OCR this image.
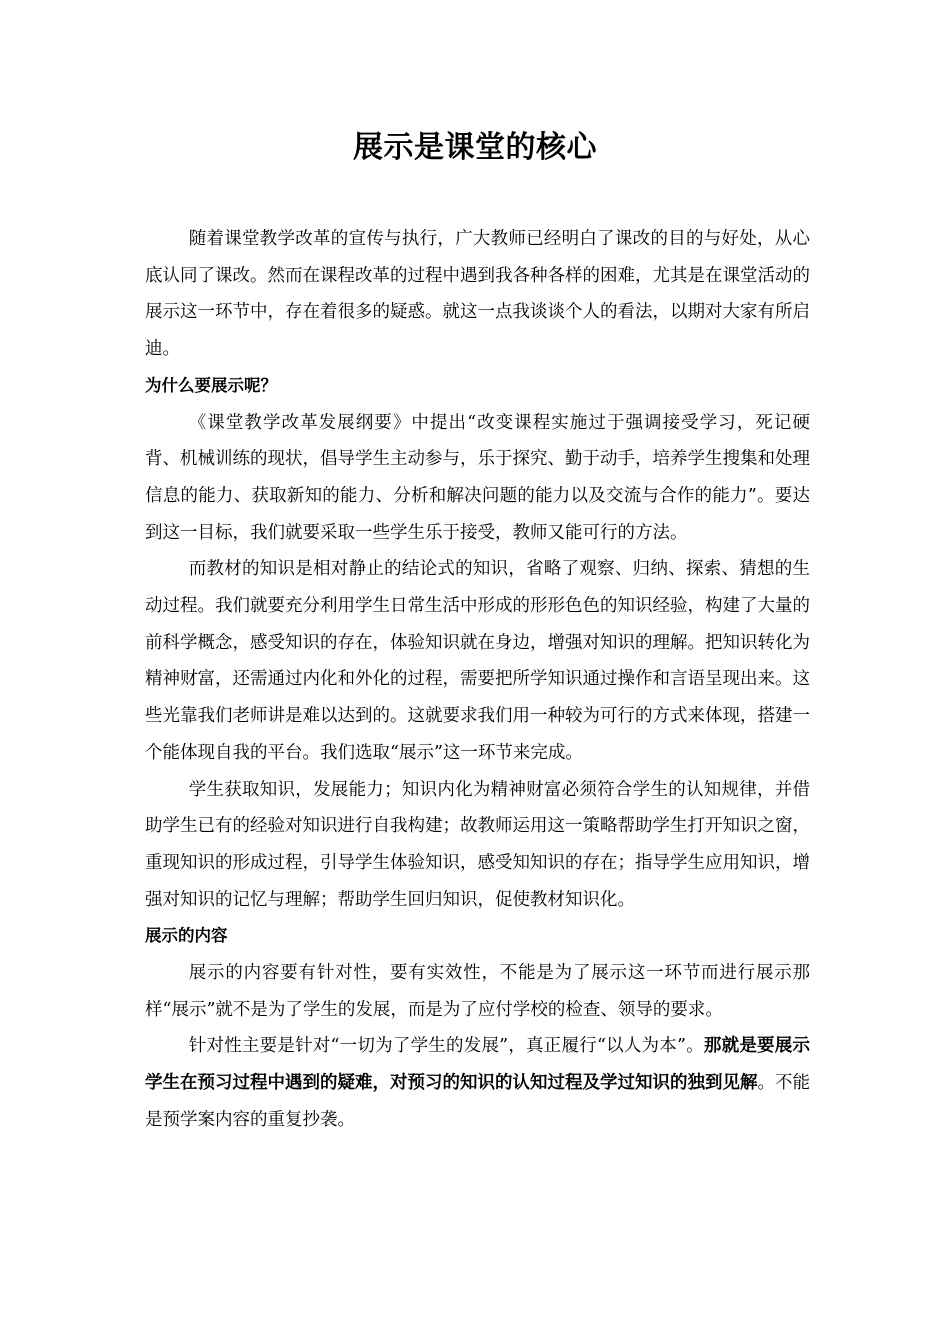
展示是课堂的核心

随着课堂教学改革的宣传与执行，广大教师已经明白了课改的目的与好处，从心底认同了课改。然而在课程改革的过程中遇到我各种各样的困难，尤其是在课堂活动的展示这一环节中，存在着很多的疑惑。就这一点我谈谈个人的看法，以期对大家有所启迪。

为什么要展示呢？

《课堂教学改革发展纲要》中提出“改变课程实施过于强调接受学习，死记硬背、机械训练的现状，倡导学生主动参与，乐于探究、勤于动手，培养学生搜集和处理信息的能力、获取新知的能力、分析和解决问题的能力以及交流与合作的能力”。要达到这一目标，我们就要采取一些学生乐于接受，教师又能可行的方法。

而教材的知识是相对静止的结论式的知识，省略了观察、归纳、探索、猜想的生动过程。我们就要充分利用学生日常生活中形成的形形色色的知识经验，构建了大量的前科学概念，感受知识的存在，体验知识就在身边，增强对知识的理解。把知识转化为精神财富，还需通过内化和外化的过程，需要把所学知识通过操作和言语呈现出来。这些光靠我们老师讲是难以达到的。这就要求我们用一种较为可行的方式来体现，搭建一个能体现自我的平台。我们选取“展示”这一环节来完成。

学生获取知识，发展能力；知识内化为精神财富必须符合学生的认知规律，并借助学生已有的经验对知识进行自我构建；故教师运用这一策略帮助学生打开知识之窗，重现知识的形成过程，引导学生体验知识，感受知知识的存在；指导学生应用知识，增强对知识的记忆与理解；帮助学生回归知识，促使教材知识化。

展示的内容

展示的内容要有针对性，要有实效性，不能是为了展示这一环节而进行展示那样“展示”就不是为了学生的发展，而是为了应付学校的检查、领导的要求。

针对性主要是针对“一切为了学生的发展”，真正履行“以人为本”。那就是要展示学生在预习过程中遇到的疑难，对预习的知识的认知过程及学过知识的独到见解。不能是预学案内容的重复抄袭。
